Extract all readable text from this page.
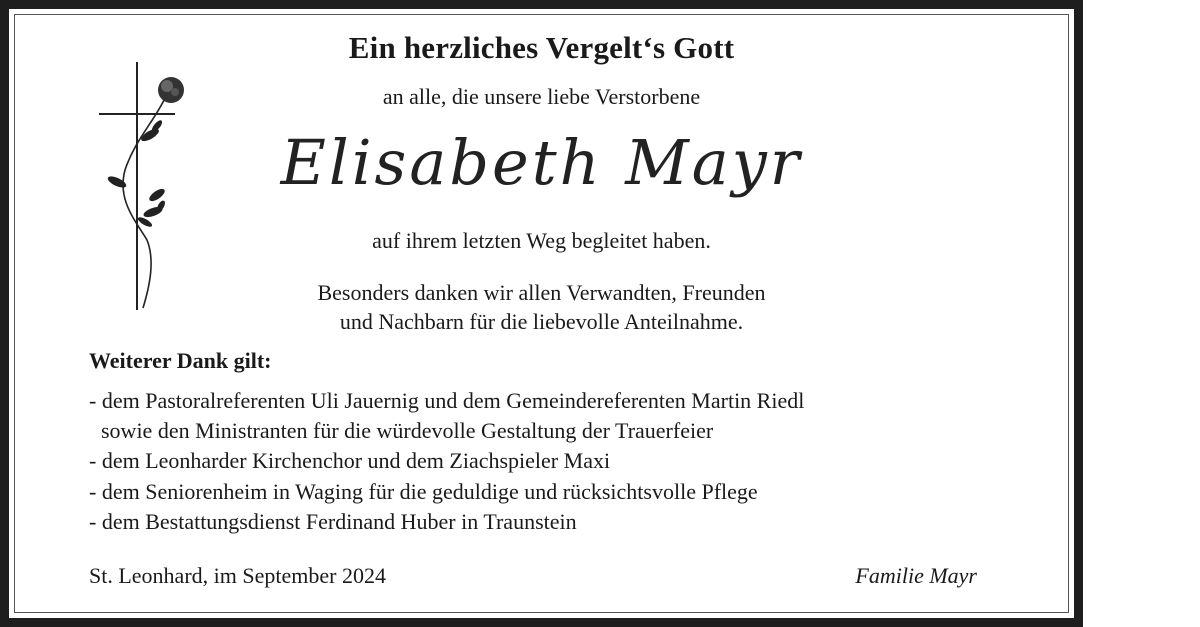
Ein herzliches Vergelt‘s Gott
an alle, die unsere liebe Verstorbene
Elisabeth Mayr
auf ihrem letzten Weg begleitet haben.
Besonders danken wir allen Verwandten, Freunden
und Nachbarn für die liebevolle Anteilnahme.
Weiterer Dank gilt:
- dem Pastoralreferenten Uli Jauernig und dem Gemeindereferenten Martin Riedl
sowie den Ministranten für die würdevolle Gestaltung der Trauerfeier
- dem Leonharder Kirchenchor und dem Ziachspieler Maxi
- dem Seniorenheim in Waging für die geduldige und rücksichtsvolle Pflege
- dem Bestattungsdienst Ferdinand Huber in Traunstein
St. Leonhard, im September 2024	Familie Mayr
